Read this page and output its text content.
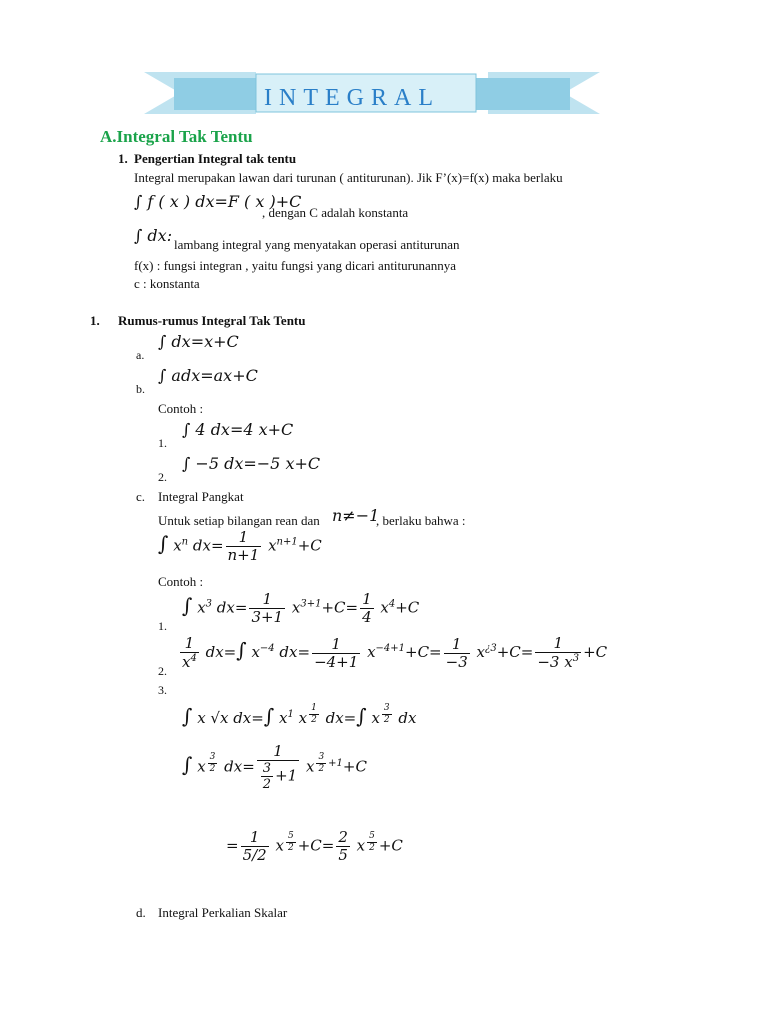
INTEGRAL
A.Integral Tak Tentu
1. Pengertian Integral tak tentu
Integral merupakan lawan dari turunan ( antiturunan). Jik F’(x)=f(x) maka berlaku
∫ f ( x ) dx=F ( x )+C
, dengan C adalah konstanta
∫ dx: lambang integral yang menyatakan operasi antiturunan
f(x) : fungsi integran , yaitu fungsi yang dicari antiturunannya
c : konstanta
1. Rumus-rumus Integral Tak Tentu
a.
∫ dx=x+C
b.
∫ adx=ax+C
Contoh :
1.
∫ 4 dx=4 x+C
2.
∫ −5 dx=−5 x+C
c. Integral Pangkat
Untuk setiap bilangan rean dan n≠−1
, berlaku bahwa :
∫ $x^n$ $dx= \frac{1}{n+1} x^{n+1}+C$
Contoh :
1.
∫ $x^3$ $dx= \frac{1}{3+1} x^{3+1}+C= \frac{1}{4} x^4+C$
2.
$\frac{1}{x^4} dx=\int$ $x^{-4}$ $dx= \frac{1}{-4+1} x^{-4+1}+C= \frac{1}{-3} x^{¿3}+C= \frac{1}{-3 x^3} +C$
3.
∫ x √x dx=∫ $x^1$ x $^{\frac{1}{2}}$ dx=∫ x $^{\frac{3}{2}}$ dx
∫ x $^{\frac{3}{2}}$ $dx= \frac{1}{\frac{3}{2} +1}$ x $^{\frac{3}{2} +1}$+C
= $\frac{1}{5/2}$ x $^{\frac{5}{2}} +C= \frac{2}{5}$ x $^{\frac{5}{2}}$ +C
d. Integral Perkalian Skalar
